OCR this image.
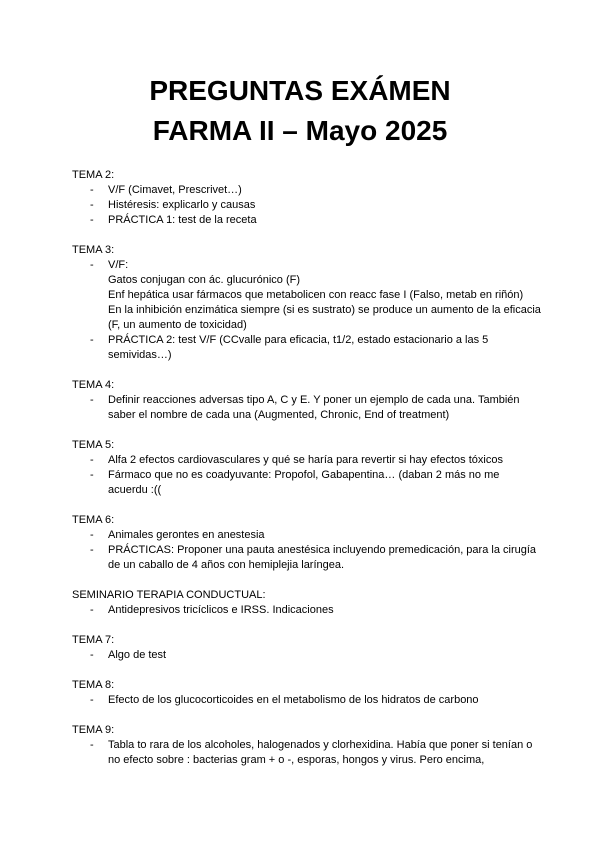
PREGUNTAS EXÁMEN
FARMA II – Mayo 2025

TEMA 2:

- V/F (Cimavet, Prescrivet…)
- Histéresis: explicarlo y causas
- PRÁCTICA 1: test de la receta

TEMA 3:

- V/F:
Gatos conjugan con ác. glucurónico (F)
Enf hepática usar fármacos que metabolicen con reacc fase I (Falso, metab en riñón)
En la inhibición enzimática siempre (si es sustrato) se produce un aumento de la eficacia (F, un aumento de toxicidad)
- PRÁCTICA 2: test V/F (CCvalle para eficacia, t1/2, estado estacionario a las 5 semividas…)

TEMA 4:

- Definir reacciones adversas tipo A, C y E. Y poner un ejemplo de cada una. También saber el nombre de cada una (Augmented, Chronic, End of treatment)

TEMA 5:

- Alfa 2 efectos cardiovasculares y qué se haría para revertir si hay efectos tóxicos
- Fármaco que no es coadyuvante: Propofol, Gabapentina… (daban 2 más no me acuerdu :((

TEMA 6:

- Animales gerontes en anestesia
- PRÁCTICAS: Proponer una pauta anestésica incluyendo premedicación, para la cirugía de un caballo de 4 años con hemiplejia laríngea.

SEMINARIO TERAPIA CONDUCTUAL:

- Antidepresivos tricíclicos e IRSS. Indicaciones

TEMA 7:

- Algo de test

TEMA 8:

- Efecto de los glucocorticoides en el metabolismo de los hidratos de carbono

TEMA 9:

- Tabla to rara de los alcoholes, halogenados y clorhexidina. Había que poner si tenían o no efecto sobre : bacterias gram + o -, esporas, hongos y virus. Pero encima,
